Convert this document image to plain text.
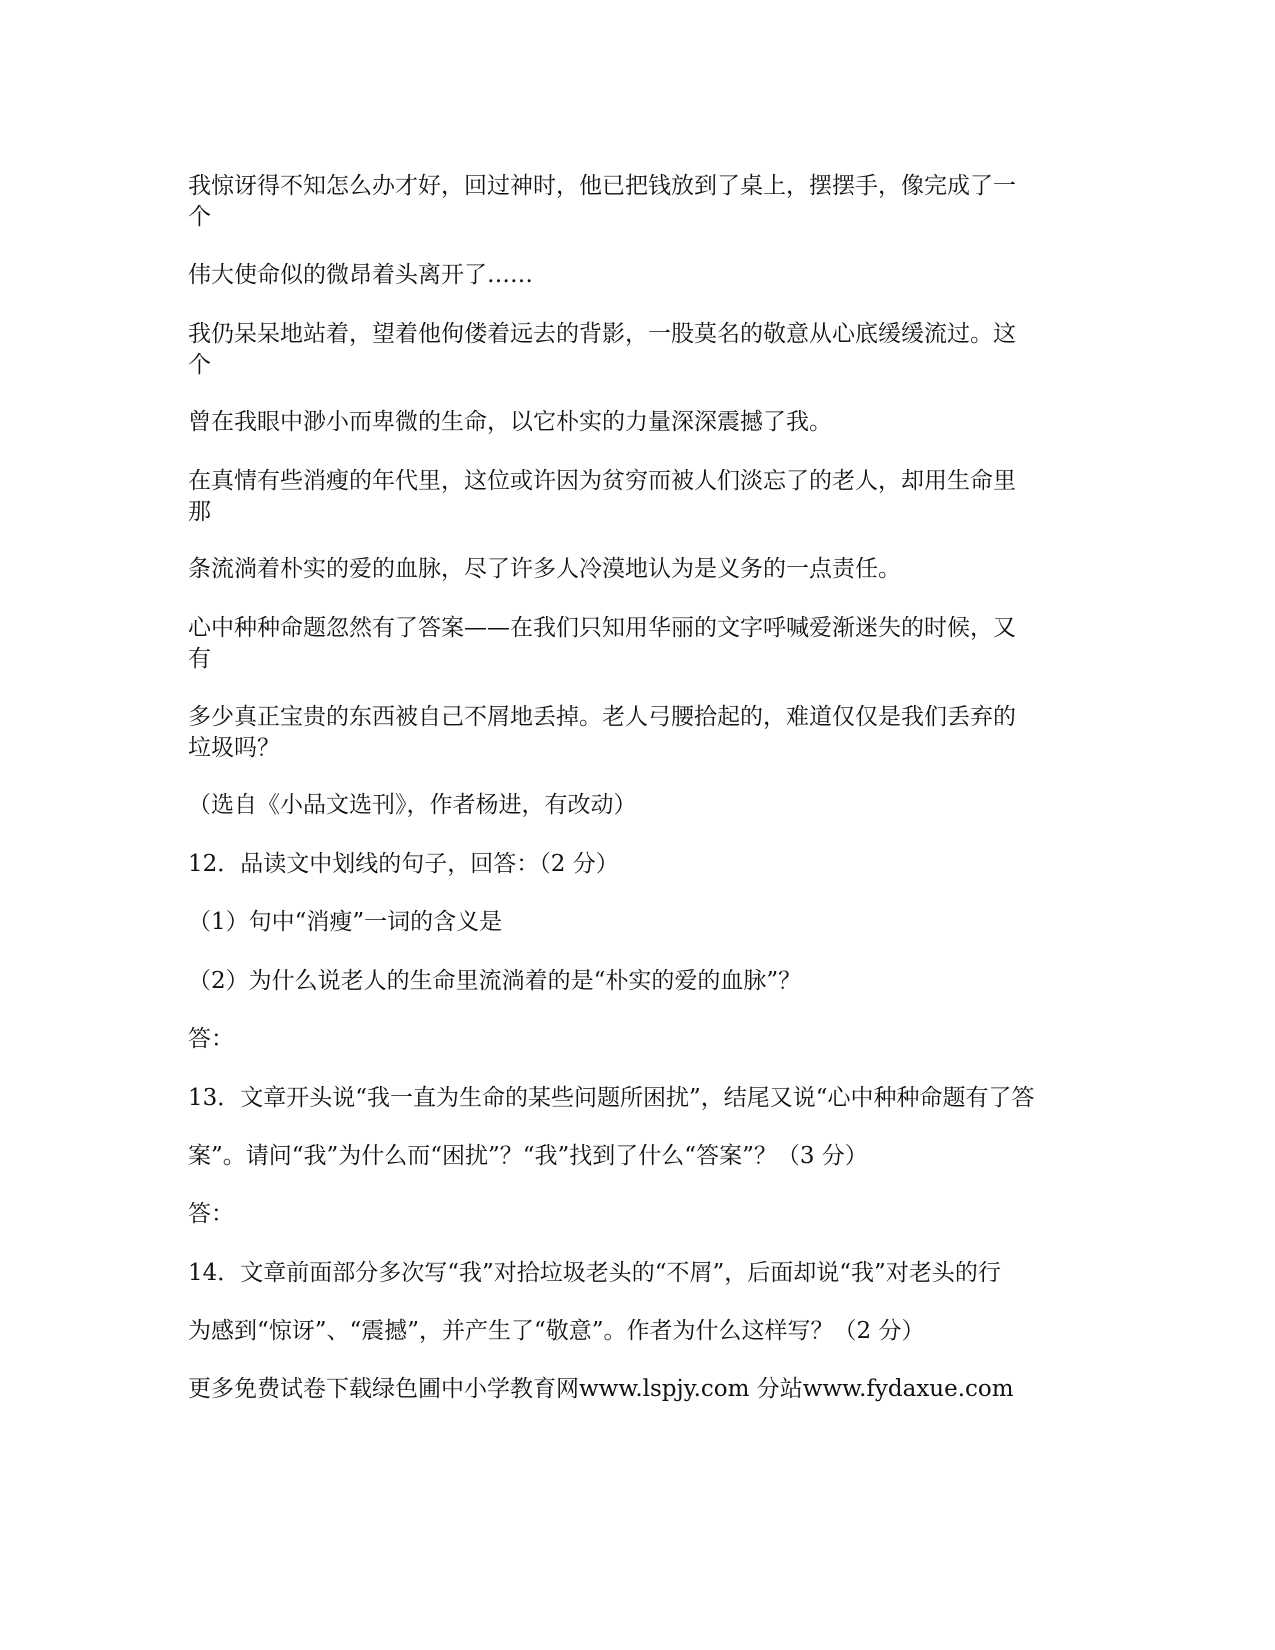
我惊讶得不知怎么办才好，回过神时，他已把钱放到了桌上，摆摆手，像完成了一

个

伟大使命似的微昂着头离开了……

我仍呆呆地站着，望着他佝偻着远去的背影，一股莫名的敬意从心底缓缓流过。这

个

曾在我眼中渺小而卑微的生命，以它朴实的力量深深震撼了我。

在真情有些消瘦的年代里，这位或许因为贫穷而被人们淡忘了的老人，却用生命里

那

条流淌着朴实的爱的血脉，尽了许多人冷漠地认为是义务的一点责任。

心中种种命题忽然有了答案——在我们只知用华丽的文字呼喊爱渐迷失的时候，又

有

多少真正宝贵的东西被自己不屑地丢掉。老人弓腰拾起的，难道仅仅是我们丢弃的

垃圾吗？

（选自《小品文选刊》，作者杨进，有改动）

12．品读文中划线的句子，回答：（2 分）

（1）句中“消瘦”一词的含义是

（2）为什么说老人的生命里流淌着的是“朴实的爱的血脉”？

答：

13．文章开头说“我一直为生命的某些问题所困扰”，结尾又说“心中种种命题有了答

案”。请问“我”为什么而“困扰”？“我”找到了什么“答案”？（3 分）

答：

14．文章前面部分多次写“我”对拾垃圾老头的“不屑”，后面却说“我”对老头的行

为感到“惊讶”、“震撼”，并产生了“敬意”。作者为什么这样写？（2 分）

更多免费试卷下载绿色圃中小学教育网www.lspjy.com 分站www.fydaxue.com
